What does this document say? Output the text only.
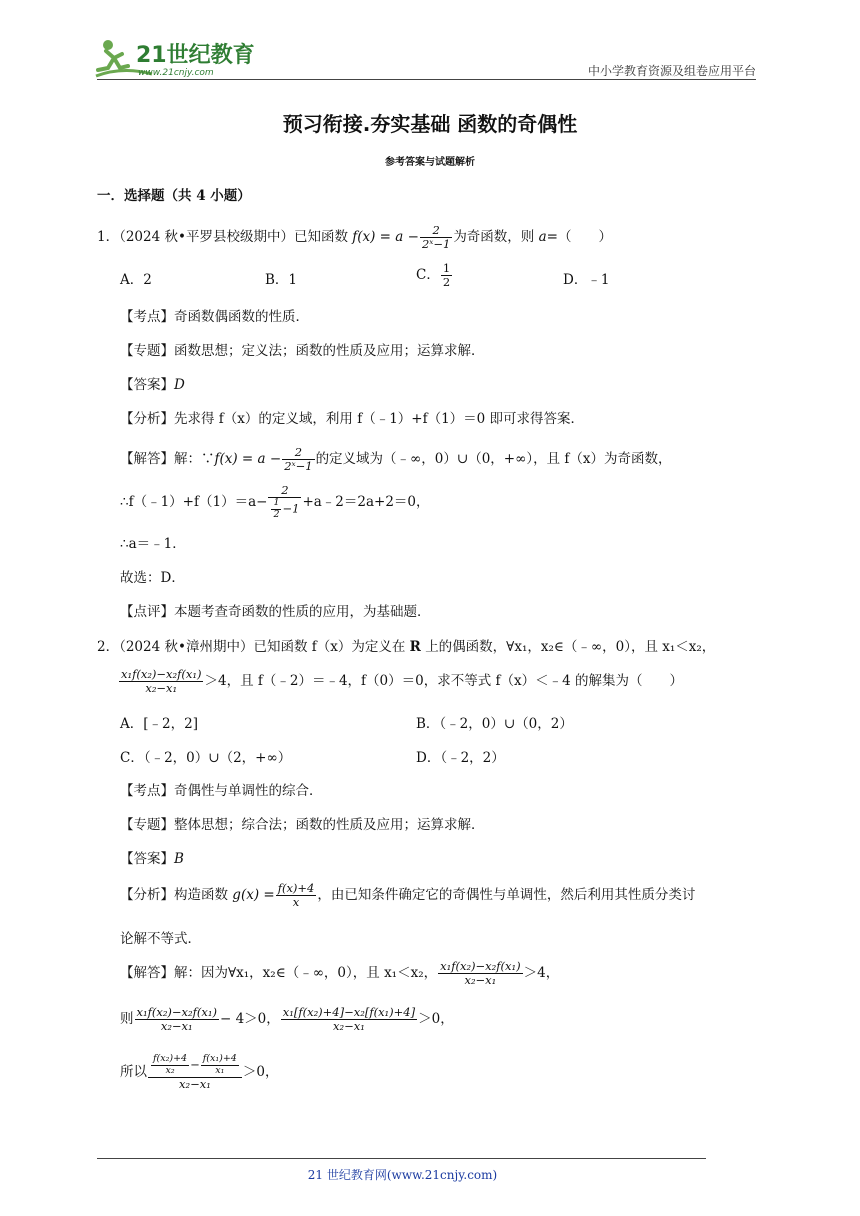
21世纪教育
www.21cnjy.com	中小学教育资源及组卷应用平台
预习衔接.夯实基础 函数的奇偶性
参考答案与试题解析
一．选择题（共 4 小题）
1．（2024 秋•平罗县校级期中）已知函数 $f(x) = a - \frac{2}{\text{2ˣ−1}}$ 为奇函数，则 a=（　　）
A．2	B．1	C． $\frac{1}{2}$	D．﹣1
【考点】奇函数偶函数的性质．
【专题】函数思想；定义法；函数的性质及应用；运算求解．
【答案】D
【分析】先求得 f（x）的定义域，利用 f（﹣1）+f（1）＝0 即可求得答案．
【解答】解：∵f(x) = $a - \frac{2}{\text{2ˣ−1}}$ 的定义域为（﹣∞，0）∪（0，+∞），且 f（x）为奇函数，
∴f（﹣1）+f（1）＝a− $\frac{2}{\frac{1}{2} -1}$ +a﹣2＝2a+2＝0，
∴a＝﹣1．
故选：D．
【点评】本题考查奇函数的性质的应用，为基础题．
2．（2024 秋•漳州期中）已知函数 f（x）为定义在 R 上的偶函数，∀x₁，x₂∈（﹣∞，0），且 x₁＜x₂，
$\frac{\text{x₁f(x₂)−x₂f(x₁)}}{\text{x₂−x₁}} >4$，且 f（﹣2）＝﹣4，f（0）＝0，求不等式 f（x）＜﹣4 的解集为（　　）
A．[﹣2，2]	B．（﹣2，0）∪（0，2）
C．（﹣2，0）∪（2，+∞）	D．（﹣2，2）
【考点】奇偶性与单调性的综合．
【专题】整体思想；综合法；函数的性质及应用；运算求解．
【答案】B
【分析】构造函数 $g(x) = \frac{f(x)+4}{x}$ ，由已知条件确定它的奇偶性与单调性，然后利用其性质分类讨
论解不等式．
【解答】解：因为∀x₁，x₂∈（﹣∞，0），且 x₁＜x₂， $\frac{\text{x₁f(x₂)−x₂f(x₁)}}{\text{x₂−x₁}} >4$，
则 $\frac{\text{x₁f(x₂)−x₂f(x₁)}}{\text{x₂−x₁}} - 4>0$， $\frac{\text{x₁[f(x₂)+4]−x₂[f(x₁)+4]}}{\text{x₂−x₁}} >0$，
所以 $\frac{\frac{\text{f(x₂)+4}}{\text{x₂}} - \frac{\text{f(x₁)+4}}{\text{x₁}}}{\text{x₂−x₁}} >0$，
21 世纪教育网(www.21cnjy.com)
